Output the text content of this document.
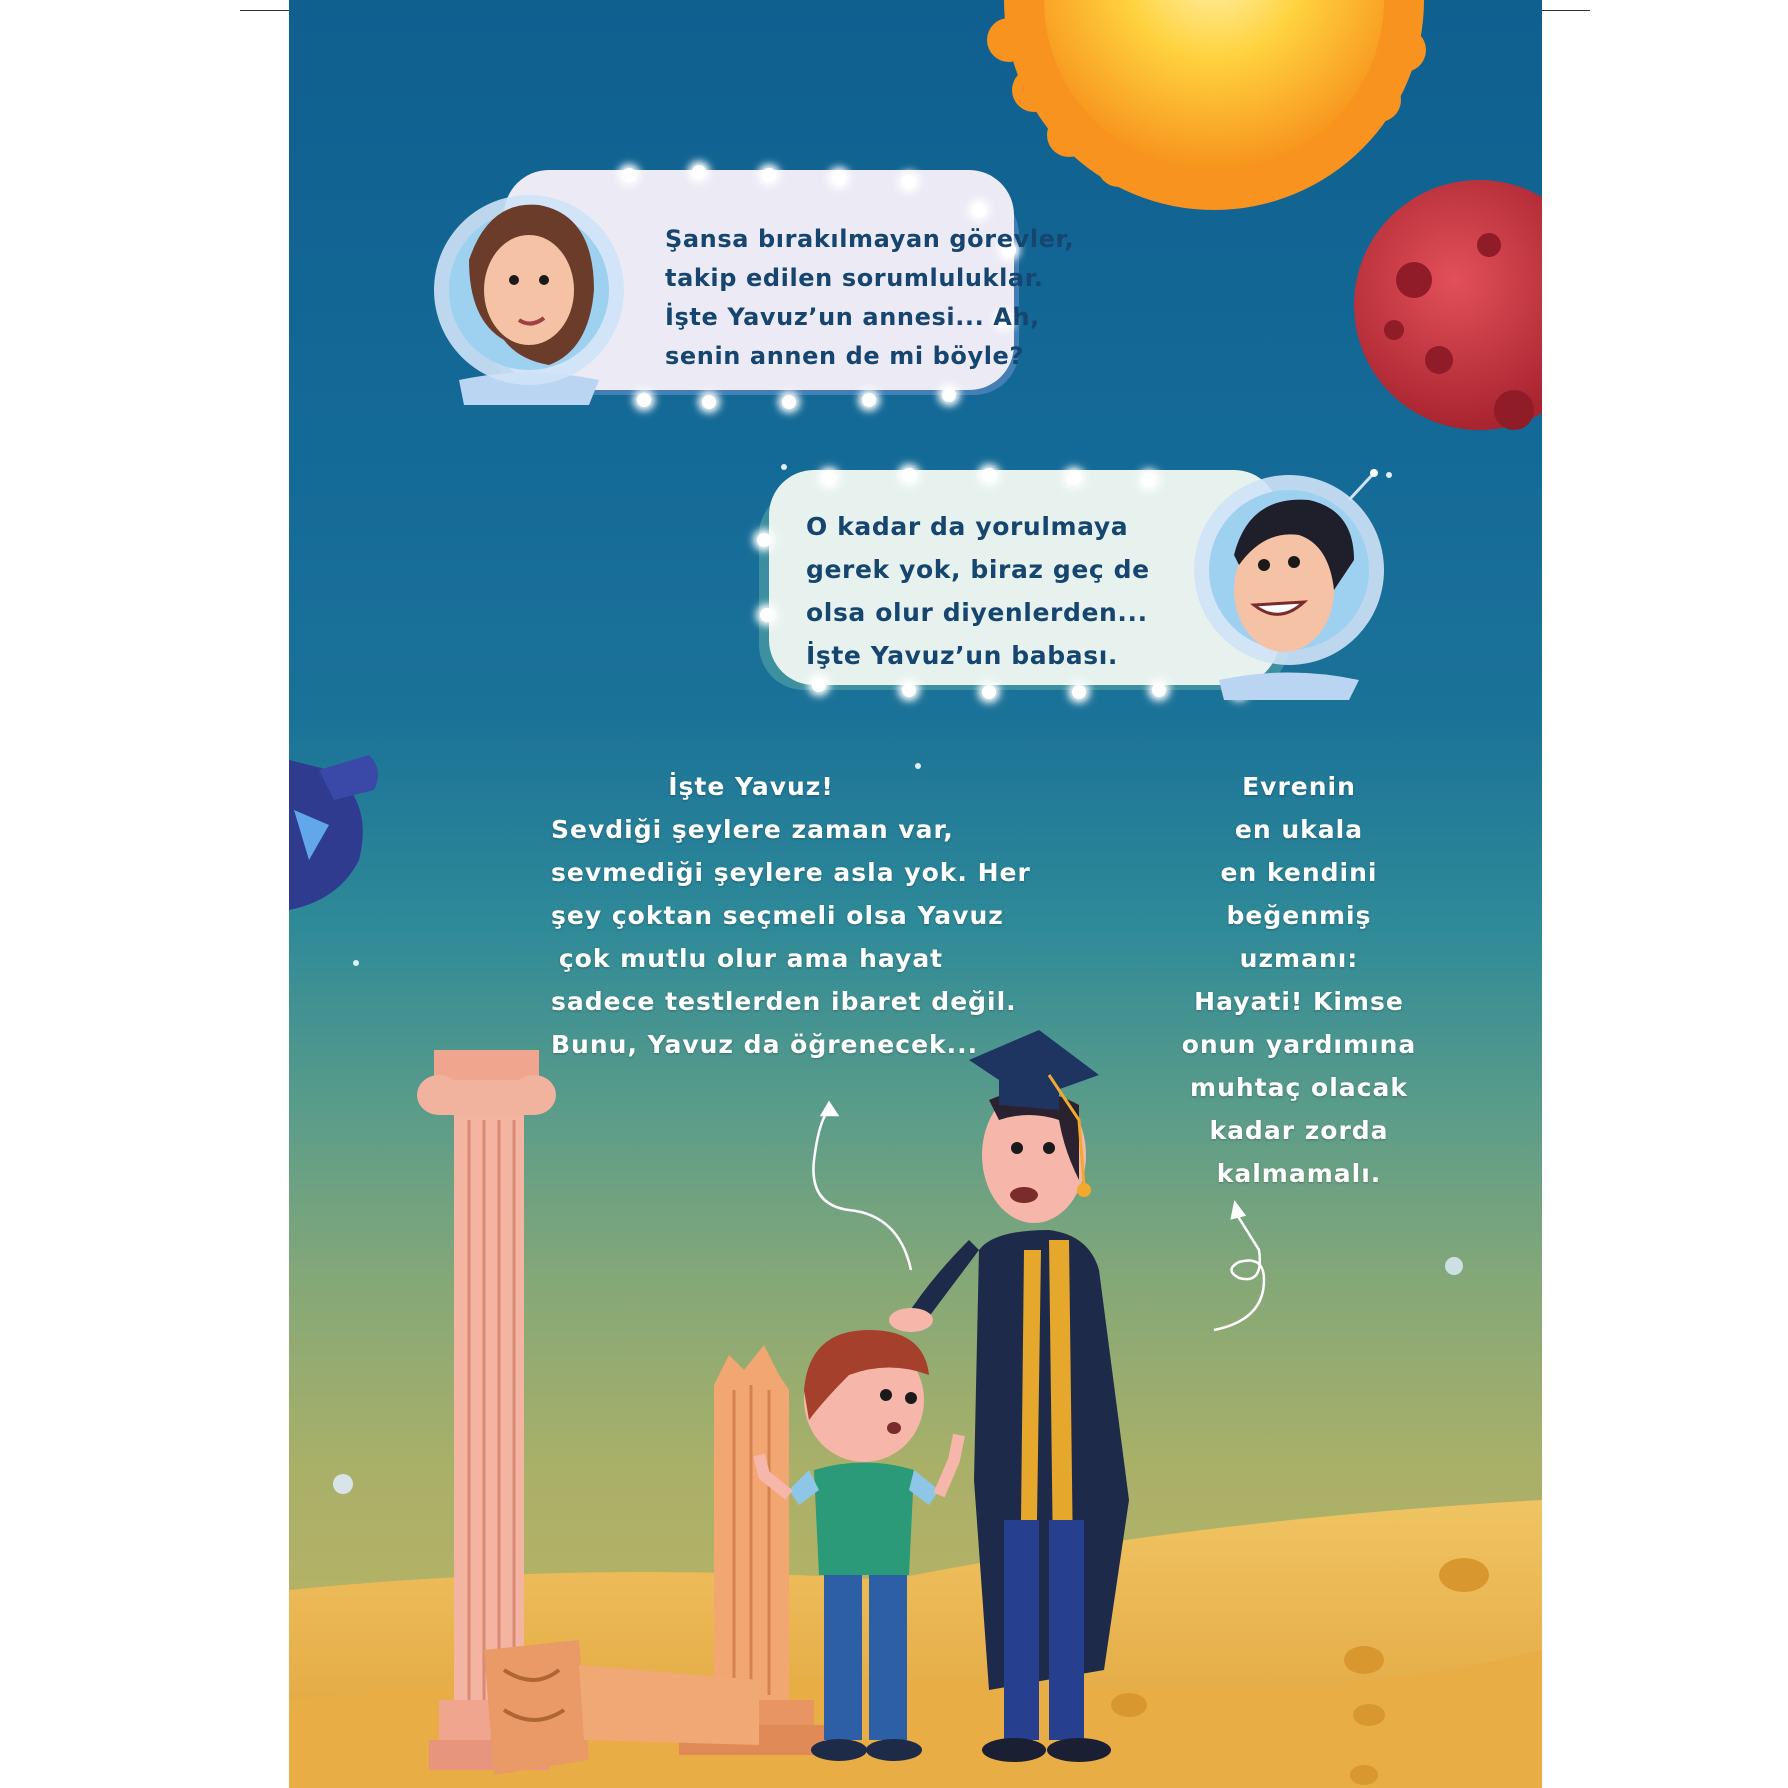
Şansa bırakılmayan görevler,
takip edilen sorumluluklar.
İşte Yavuz’un annesi... Ah,
senin annen de mi böyle?
O kadar da yorulmaya
gerek yok, biraz geç de
olsa olur diyenlerden...
İşte Yavuz’un babası.
İşte Yavuz!
Sevdiği şeylere zaman var,
sevmediği şeylere asla yok. Her
şey çoktan seçmeli olsa Yavuz
çok mutlu olur ama hayat
sadece testlerden ibaret değil.
Bunu, Yavuz da öğrenecek...
Evrenin
en ukala
en kendini
beğenmiş
uzmanı:
Hayati! Kimse
onun yardımına
muhtaç olacak
kadar zorda
kalmamalı.
